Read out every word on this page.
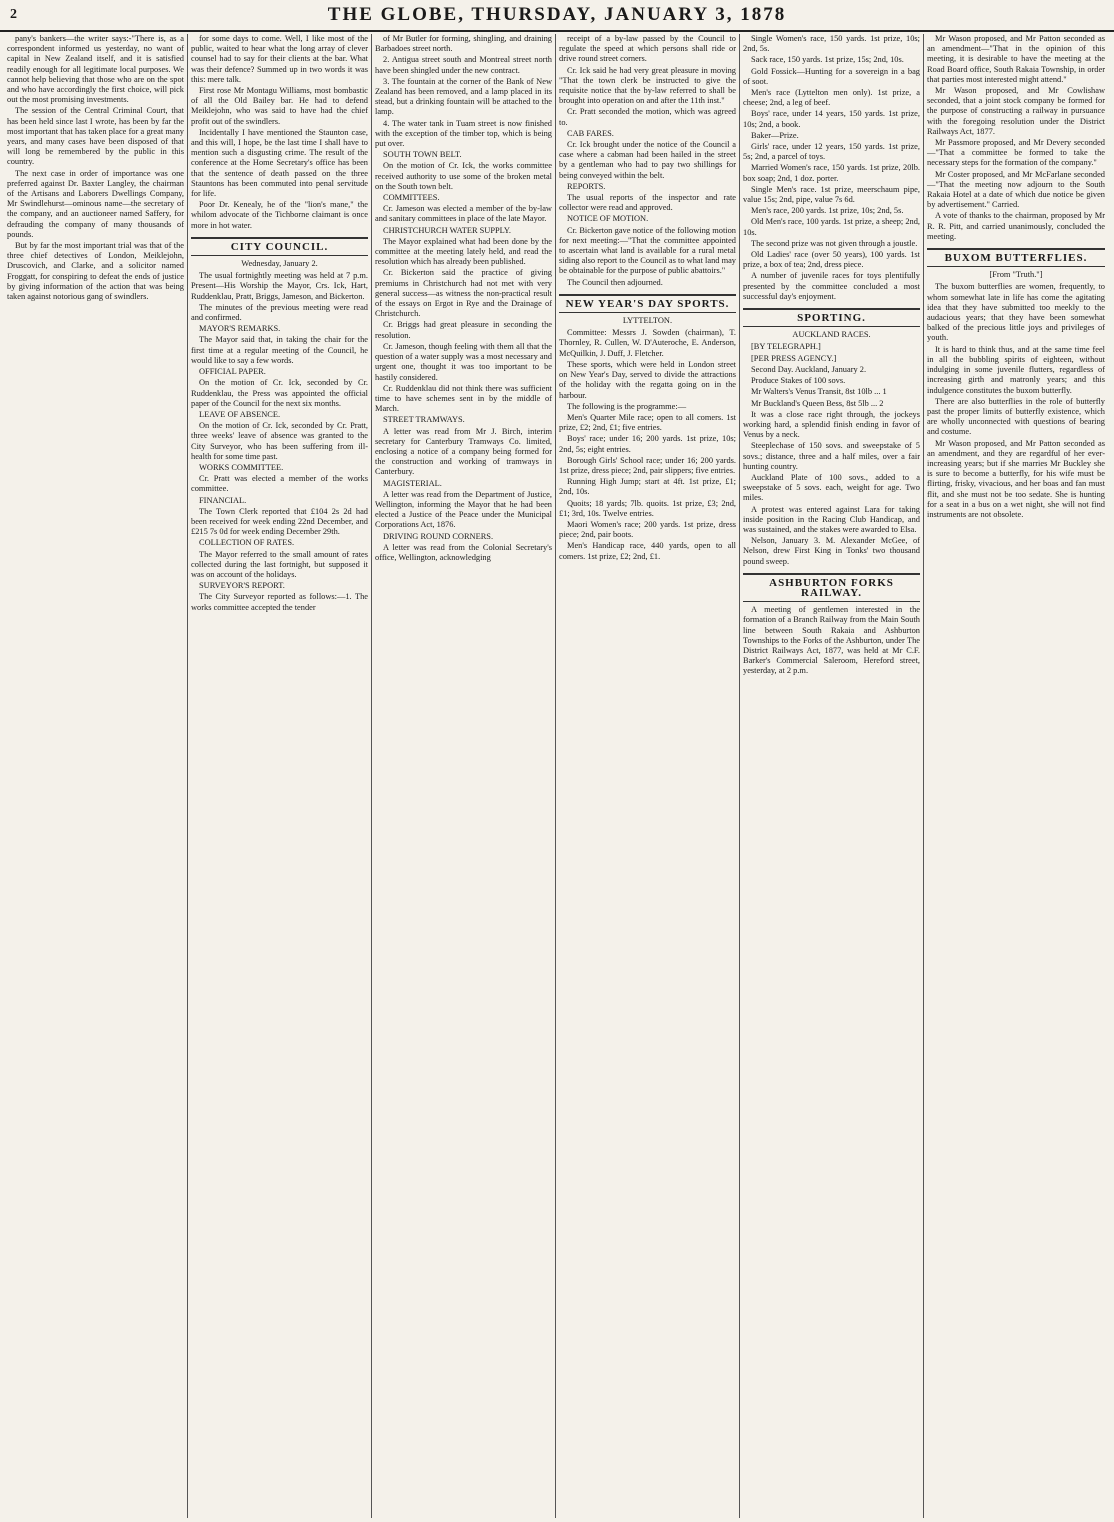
2	THE GLOBE, THURSDAY, JANUARY 3, 1878

pany's bankers—the writer says:-"There is, as a correspondent informed us yesterday, no want of capital in New Zealand itself, and it is satisfied readily enough for all legitimate local purposes. We cannot help believing that those who are on the spot and who have accordingly the first choice, will pick out the most promising investments.

The session of the Central Criminal Court, that has been held since last I wrote, has been by far the most important that has taken place for a great many years, and many cases have been disposed of that will long be remembered by the public in this country.

The next case in order of importance was one preferred against Dr. Baxter Langley, the chairman of the Artisans and Laborers Dwellings Company, Mr Swindlehurst—ominous name—the secretary of the company, and an auctioneer named Saffery, for defrauding the company of many thousands of pounds.

But by far the most important trial was that of the three chief detectives of London, Meiklejohn, Druscovich, and Clarke, and a solicitor named Froggatt, for conspiring to defeat the ends of justice by giving information of the action that was being taken against notorious gang of swindlers.

for some days to come. Well, I like most of the public, waited to hear what the long array of clever counsel had to say for their clients at the bar. What was their defence? Summed up in two words it was this: mere talk.

First rose Mr Montagu Williams, most bombastic of all the Old Bailey bar. He had to defend Meiklejohn, who was said to have had the chief profit out of the swindlers.

Incidentally I have mentioned the Staunton case, and this will, I hope, be the last time I shall have to mention such a disgusting crime. The result of the conference at the Home Secretary's office has been that the sentence of death passed on the three Stauntons has been commuted into penal servitude for life.

Poor Dr. Kenealy, he of the "lion's mane," the whilom advocate of the Tichborne claimant is once more in hot water.

CITY COUNCIL.
Wednesday, January 2.

The usual fortnightly meeting was held at 7 p.m. Present—His Worship the Mayor, Crs. Ick, Hart, Ruddenklau, Pratt, Briggs, Jameson, and Bickerton.

The minutes of the previous meeting were read and confirmed.

MAYOR'S REMARKS.

The Mayor said that, in taking the chair for the first time at a regular meeting of the Council, he would like to say a few words.

OFFICIAL PAPER.

On the motion of Cr. Ick, seconded by Cr. Ruddenklau, the Press was appointed the official paper of the Council for the next six months.

LEAVE OF ABSENCE.

On the motion of Cr. Ick, seconded by Cr. Pratt, three weeks' leave of absence was granted to the City Surveyor, who has been suffering from ill-health for some time past.

WORKS COMMITTEE.

Cr. Pratt was elected a member of the works committee.

FINANCIAL.

The Town Clerk reported that £104 2s 2d had been received for week ending 22nd December, and £215 7s 0d for week ending December 29th.

COLLECTION OF RATES.

The Mayor referred to the small amount of rates collected during the last fortnight, but supposed it was on account of the holidays.

SURVEYOR'S REPORT.

The City Surveyor reported as follows:—1. The works committee accepted the tender

of Mr Butler for forming, shingling, and draining Barbadoes street north.

2. Antigua street south and Montreal street north have been shingled under the new contract.

3. The fountain at the corner of the Bank of New Zealand has been removed, and a lamp placed in its stead, but a drinking fountain will be attached to the lamp.

4. The water tank in Tuam street is now finished with the exception of the timber top, which is being put over.

SOUTH TOWN BELT.

On the motion of Cr. Ick, the works committee received authority to use some of the broken metal on the South town belt.

COMMITTEES.

Cr. Jameson was elected a member of the by-law and sanitary committees in place of the late Mayor.

CHRISTCHURCH WATER SUPPLY.

The Mayor explained what had been done by the committee at the meeting lately held, and read the resolution which has already been published.

Cr. Bickerton said the practice of giving premiums in Christchurch had not met with very general success—as witness the non-practical result of the essays on Ergot in Rye and the Drainage of Christchurch.

Cr. Briggs had great pleasure in seconding the resolution.

Cr. Jameson, though feeling with them all that the question of a water supply was a most necessary and urgent one, thought it was too important to be hastily considered.

Cr. Ruddenklau did not think there was sufficient time to have schemes sent in by the middle of March.

STREET TRAMWAYS.

A letter was read from Mr J. Birch, interim secretary for Canterbury Tramways Co. limited, enclosing a notice of a company being formed for the construction and working of tramways in Canterbury.

MAGISTERIAL.

A letter was read from the Department of Justice, Wellington, informing the Mayor that he had been elected a Justice of the Peace under the Municipal Corporations Act, 1876.

DRIVING ROUND CORNERS.

A letter was read from the Colonial Secretary's office, Wellington, acknowledging

receipt of a by-law passed by the Council to regulate the speed at which persons shall ride or drive round street corners.

Cr. Ick said he had very great pleasure in moving "That the town clerk be instructed to give the requisite notice that the by-law referred to shall be brought into operation on and after the 11th inst."

Cr. Pratt seconded the motion, which was agreed to.

CAB FARES.

Cr. Ick brought under the notice of the Council a case where a cabman had been hailed in the street by a gentleman who had to pay two shillings for being conveyed within the belt.

REPORTS.

The usual reports of the inspector and rate collector were read and approved.

NOTICE OF MOTION.

Cr. Bickerton gave notice of the following motion for next meeting:—"That the committee appointed to ascertain what land is available for a rural metal siding also report to the Council as to what land may be obtainable for the purpose of public abattoirs."

The Council then adjourned.

NEW YEAR'S DAY SPORTS.
LYTTELTON.

Committee: Messrs J. Sowden (chairman), T. Thornley, R. Cullen, W. D'Auteroche, E. Anderson, McQuilkin, J. Duff, J. Fletcher.

These sports, which were held in London street on New Year's Day, served to divide the attractions of the holiday with the regatta going on in the harbour.

The following is the programme:—

Men's Quarter Mile race; open to all comers. 1st prize, £2; 2nd, £1; five entries.

Boys' race; under 16; 200 yards. 1st prize, 10s; 2nd, 5s; eight entries.

Borough Girls' School race; under 16; 200 yards. 1st prize, dress piece; 2nd, pair slippers; five entries.

Running High Jump; start at 4ft. 1st prize, £1; 2nd, 10s.

Quoits; 18 yards; 7lb. quoits. 1st prize, £3; 2nd, £1; 3rd, 10s. Twelve entries.

Maori Women's race; 200 yards. 1st prize, dress piece; 2nd, pair boots.

Men's Handicap race, 440 yards, open to all comers. 1st prize, £2; 2nd, £1.

Single Women's race, 150 yards. 1st prize, 10s; 2nd, 5s.

Sack race, 150 yards. 1st prize, 15s; 2nd, 10s.

Gold Fossick—Hunting for a sovereign in a bag of soot.

Men's race (Lyttelton men only). 1st prize, a cheese; 2nd, a leg of beef.

Boys' race, under 14 years, 150 yards. 1st prize, 10s; 2nd, a book.

Baker—Prize.

Girls' race, under 12 years, 150 yards. 1st prize, 5s; 2nd, a parcel of toys.

Married Women's race, 150 yards. 1st prize, 20lb. box soap; 2nd, 1 doz. porter.

Single Men's race. 1st prize, meerschaum pipe, value 15s; 2nd, pipe, value 7s 6d.

Men's race, 200 yards. 1st prize, 10s; 2nd, 5s.

Old Men's race, 100 yards. 1st prize, a sheep; 2nd, 10s.

The second prize was not given through a joustle.

Old Ladies' race (over 50 years), 100 yards. 1st prize, a box of tea; 2nd, dress piece.

A number of juvenile races for toys plentifully presented by the committee concluded a most successful day's enjoyment.

SPORTING.
AUCKLAND RACES.

[BY TELEGRAPH.]

[PER PRESS AGENCY.]

Second Day. Auckland, January 2.

Produce Stakes of 100 sovs.

Mr Walters's Venus Transit, 8st 10lb ... 1

Mr Buckland's Queen Bess, 8st 5lb ... 2

It was a close race right through, the jockeys working hard, a splendid finish ending in favor of Venus by a neck.

Steeplechase of 150 sovs. and sweepstake of 5 sovs.; distance, three and a half miles, over a fair hunting country.

Auckland Plate of 100 sovs., added to a sweepstake of 5 sovs. each, weight for age. Two miles.

A protest was entered against Lara for taking inside position in the Racing Club Handicap, and was sustained, and the stakes were awarded to Elsa.

Nelson, January 3. M. Alexander McGee, of Nelson, drew First King in Tonks' two thousand pound sweep.

ASHBURTON FORKS RAILWAY.

A meeting of gentlemen interested in the formation of a Branch Railway from the Main South line between South Rakaia and Ashburton Townships to the Forks of the Ashburton, under The District Railways Act, 1877, was held at Mr C.F. Barker's Commercial Saleroom, Hereford street, yesterday, at 2 p.m.

Mr Wason proposed, and Mr Patton seconded as an amendment—"That in the opinion of this meeting, it is desirable to have the meeting at the Road Board office, South Rakaia Township, in order that parties most interested might attend."

Mr Wason proposed, and Mr Cowlishaw seconded, that a joint stock company be formed for the purpose of constructing a railway in pursuance with the foregoing resolution under the District Railways Act, 1877.

Mr Passmore proposed, and Mr Devery seconded—"That a committee be formed to take the necessary steps for the formation of the company."

Mr Coster proposed, and Mr McFarlane seconded—"That the meeting now adjourn to the South Rakaia Hotel at a date of which due notice be given by advertisement." Carried.

A vote of thanks to the chairman, proposed by Mr R. R. Pitt, and carried unanimously, concluded the meeting.

BUXOM BUTTERFLIES.
[From "Truth."]

The buxom butterflies are women, frequently, to whom somewhat late in life has come the agitating idea that they have submitted too meekly to the audacious years; that they have been somewhat balked of the precious little joys and privileges of youth.

It is hard to think thus, and at the same time feel in all the bubbling spirits of eighteen, without indulging in some juvenile flutters, regardless of increasing girth and matronly years; and this indulgence constitutes the buxom butterfly.

There are also butterflies in the role of butterfly past the proper limits of butterfly existence, which are wholly unconnected with questions of bearing and costume.

Mr Wason proposed, and Mr Patton seconded as an amendment, and they are regardful of her ever-increasing years; but if she marries Mr Buckley she is sure to become a butterfly, for his wife must be flirting, frisky, vivacious, and her boas and fan must flit, and she must not be too sedate. She is hunting for a seat in a bus on a wet night, she will not find instruments are not obsolete.
